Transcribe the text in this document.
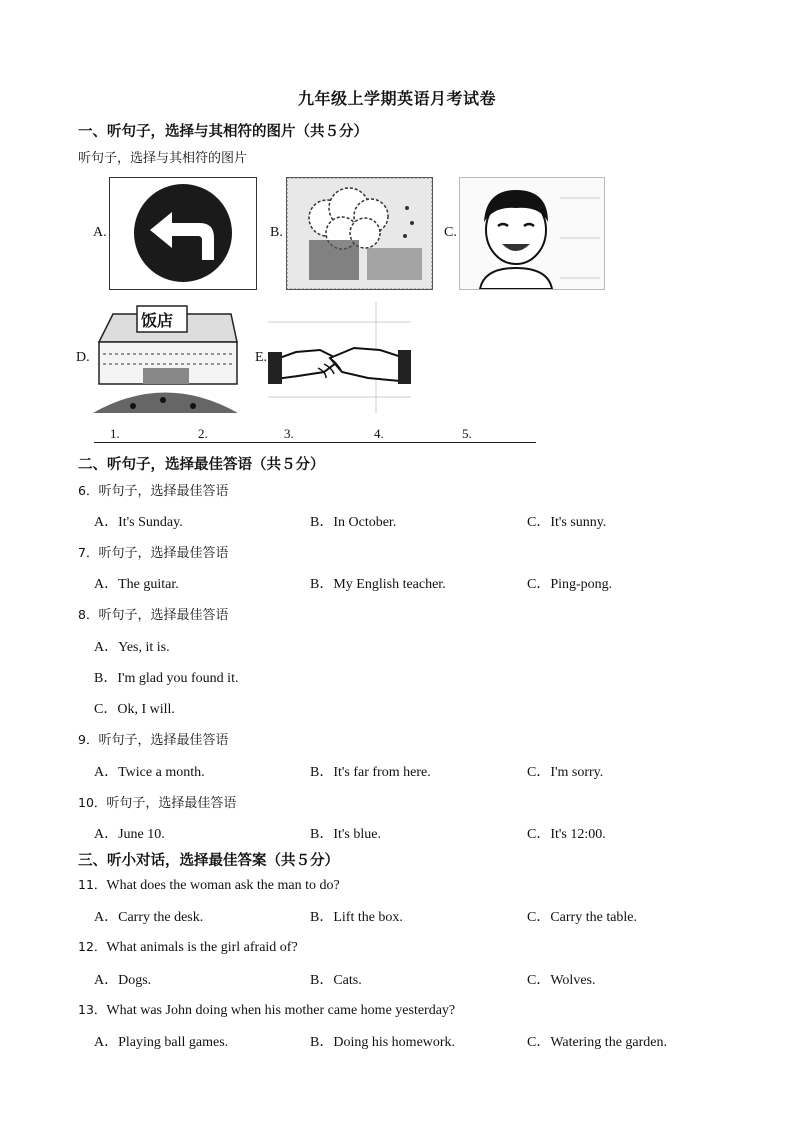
九年级上学期英语月考试卷
一、听句子，选择与其相符的图片（共５分）
听句子，选择与其相符的图片
A.	B.	C.
D.
饭店
E.
1.	2.	3.	4.	5.
二、听句子，选择最佳答语（共５分）
6．听句子，选择最佳答语
A．It's Sunday.	B．In October.	C．It's sunny.
7．听句子，选择最佳答语
A．The guitar.	B．My English teacher.	C．Ping-pong.
8．听句子，选择最佳答语
A．Yes, it is.
B．I'm glad you found it.
C．Ok, I will.
9．听句子，选择最佳答语
A．Twice a month.	B．It's far from here.	C．I'm sorry.
10．听句子，选择最佳答语
A．June 10.	B．It's blue.	C．It's 12:00.
三、听小对话，选择最佳答案（共５分）
11．What does the woman ask the man to do?
A．Carry the desk.	B．Lift the box.	C．Carry the table.
12．What animals is the girl afraid of?
A．Dogs.	B．Cats.	C．Wolves.
13．What was John doing when his mother came home yesterday?
A．Playing ball games.	B．Doing his homework.	C．Watering the garden.
